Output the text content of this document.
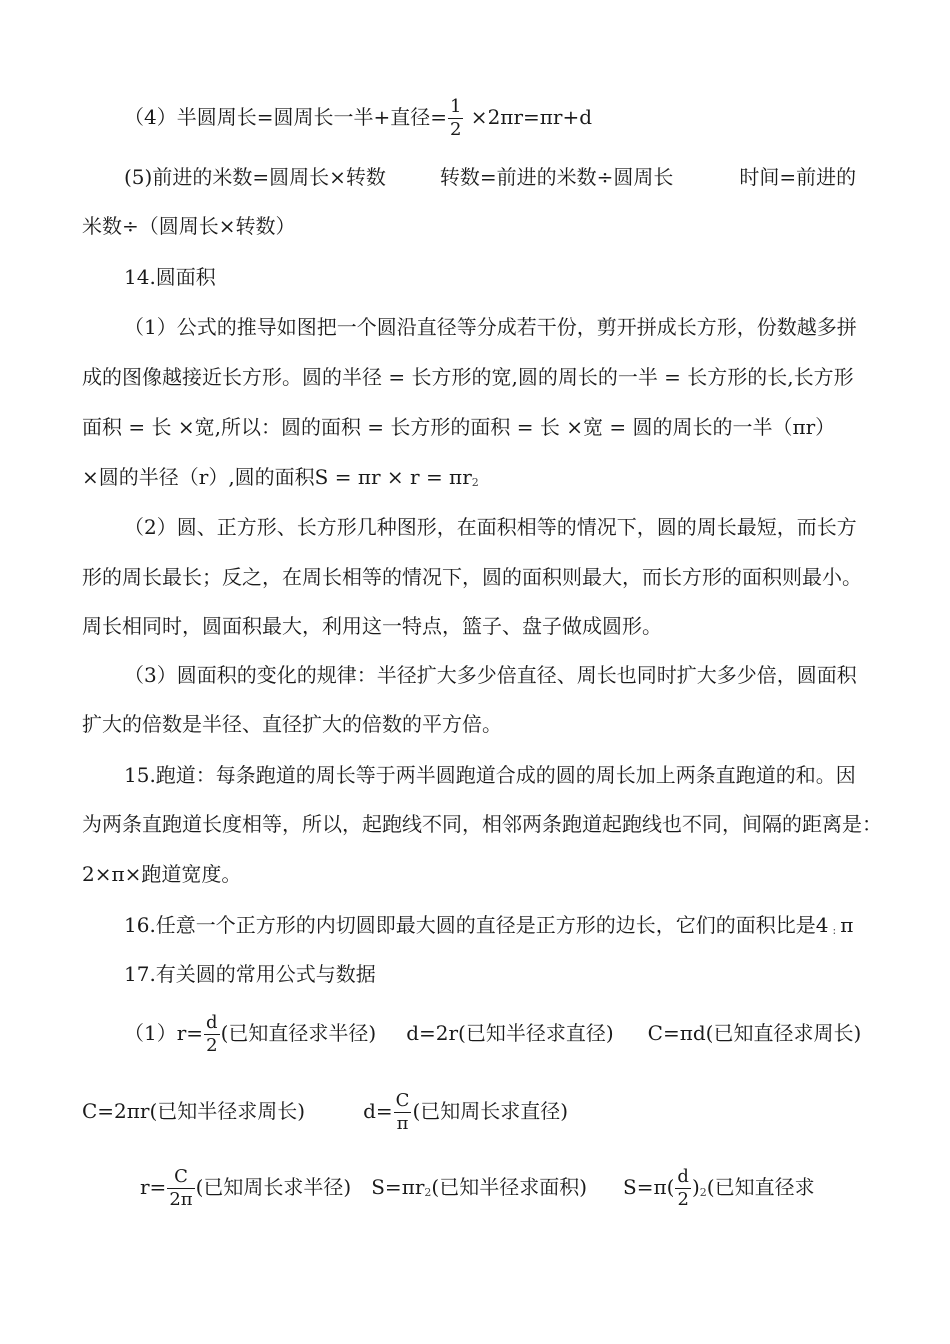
（4）半圆周长=圆周长一半+直径= $\frac{1}{2} \times 2\pi r=\pi r+d$
(5)前进的米数=圆周长×转数	转数=前进的米数÷圆周长	时间=前进的
米数÷（圆周长×转数）
14.圆面积
（1）公式的推导如图把一个圆沿直径等分成若干份，剪开拼成长方形，份数越多拼
成的图像越接近长方形。圆的半径 = 长方形的宽,圆的周长的一半 = 长方形的长,长方形
面积 = 长 ×宽,所以：圆的面积 = 长方形的面积 = 长 ×宽 = 圆的周长的一半（πr）
×圆的半径（r）,圆的面积S = πr × r = πr2
（2）圆、正方形、长方形几种图形，在面积相等的情况下，圆的周长最短，而长方
形的周长最长；反之，在周长相等的情况下，圆的面积则最大，而长方形的面积则最小。
周长相同时，圆面积最大，利用这一特点，篮子、盘子做成圆形。
（3）圆面积的变化的规律：半径扩大多少倍直径、周长也同时扩大多少倍，圆面积
扩大的倍数是半径、直径扩大的倍数的平方倍。
15.跑道：每条跑道的周长等于两半圆跑道合成的圆的周长加上两条直跑道的和。因
为两条直跑道长度相等，所以，起跑线不同，相邻两条跑道起跑线也不同，间隔的距离是：
2×π×跑道宽度。
16.任意一个正方形的内切圆即最大圆的直径是正方形的边长，它们的面积比是4 : π
17.有关圆的常用公式与数据
$(1)r= \frac{d}{2}$ (已知直径求半径) d=2r(已知半径求直径) C=πd(已知直径求周长)
C=2πr(已知半径求周长)	$d= \frac{C}{\pi}$ (已知周长求直径)
$r= \frac{C}{2\pi}$ (已知周长求半径) S=πr2(已知半径求面积) $S=\pi( \frac{d}{2} )2$(已知直径求
